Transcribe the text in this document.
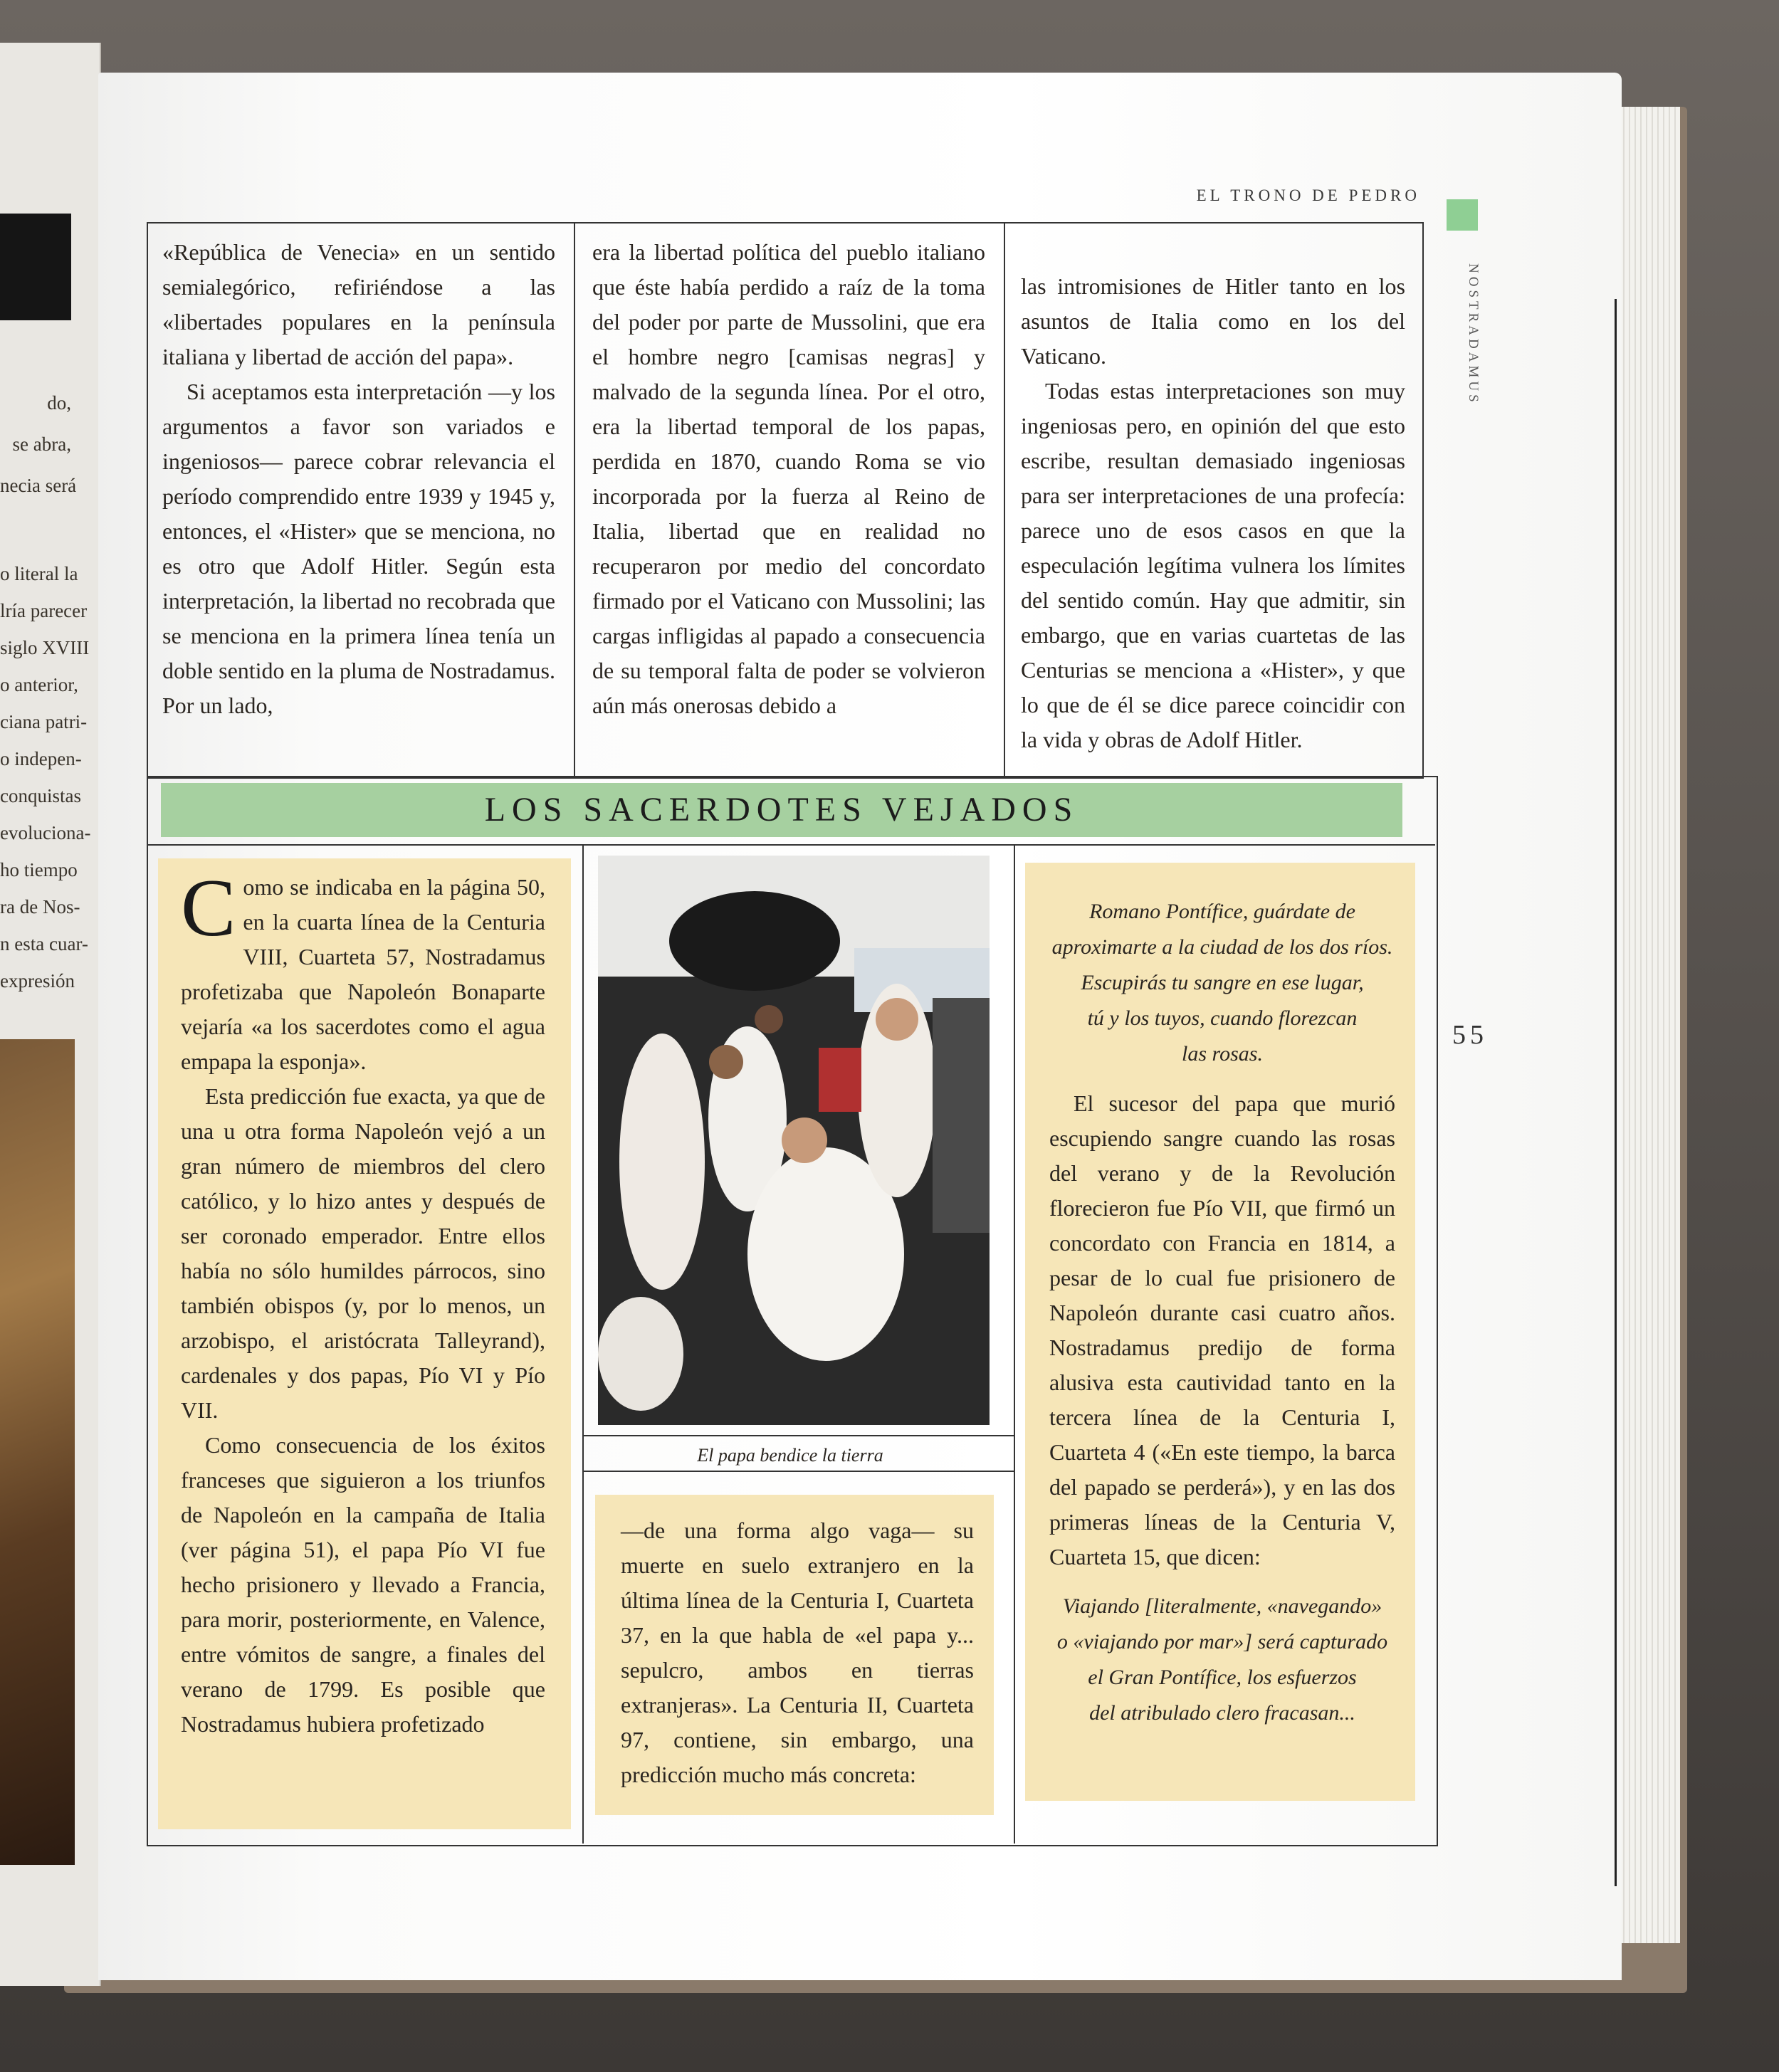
do,
se abra,
necia será
o literal la
lría parecer
siglo XVIII
o anterior,
ciana patri-
o indepen-
conquistas
evoluciona-
ho tiempo
ra de Nos-
n esta cuar-
expresión
EL TRONO DE PEDRO
NOSTRADAMUS
55

«República de Venecia» en un sentido semialegórico, refiriéndose a las «libertades populares en la península italiana y libertad de acción del papa».

Si aceptamos esta interpretación —y los argumentos a favor son variados e ingeniosos— parece cobrar relevancia el período comprendido entre 1939 y 1945 y, entonces, el «Hister» que se menciona, no es otro que Adolf Hitler. Según esta interpretación, la libertad no recobrada que se menciona en la primera línea tenía un doble sentido en la pluma de Nostradamus. Por un lado,

era la libertad política del pueblo italiano que éste había perdido a raíz de la toma del poder por parte de Mussolini, que era el hombre negro [camisas negras] y malvado de la segunda línea. Por el otro, era la libertad temporal de los papas, perdida en 1870, cuando Roma se vio incorporada por la fuerza al Reino de Italia, libertad que en realidad no recuperaron por medio del concordato firmado por el Vaticano con Mussolini; las cargas infligidas al papado a consecuencia de su temporal falta de poder se volvieron aún más onerosas debido a

las intromisiones de Hitler tanto en los asuntos de Italia como en los del Vaticano.

Todas estas interpretaciones son muy ingeniosas pero, en opinión del que esto escribe, resultan demasiado ingeniosas para ser interpretaciones de una profecía: parece uno de esos casos en que la especulación legítima vulnera los límites del sentido común. Hay que admitir, sin embargo, que en varias cuartetas de las Centurias se menciona a «Hister», y que lo que de él se dice parece coincidir con la vida y obras de Adolf Hitler.

LOS SACERDOTES VEJADOS

C omo se indicaba en la página 50, en la cuarta línea de la Centuria VIII, Cuarteta 57, Nostradamus profetizaba que Napoleón Bonaparte vejaría «a los sacerdotes como el agua empapa la esponja».

Esta predicción fue exacta, ya que de una u otra forma Napoleón vejó a un gran número de miembros del clero católico, y lo hizo antes y después de ser coronado emperador. Entre ellos había no sólo humildes párrocos, sino también obispos (y, por lo menos, un arzobispo, el aristócrata Talleyrand), cardenales y dos papas, Pío VI y Pío VII.

Como consecuencia de los éxitos franceses que siguieron a los triunfos de Napoleón en la campaña de Italia (ver página 51), el papa Pío VI fue hecho prisionero y llevado a Francia, para morir, posteriormente, en Valence, entre vómitos de sangre, a finales del verano de 1799. Es posible que Nostradamus hubiera profetizado

El papa bendice la tierra

—de una forma algo vaga— su muerte en suelo extranjero en la última línea de la Centuria I, Cuarteta 37, en la que habla de «el papa y... sepulcro, ambos en tierras extranjeras». La Centuria II, Cuarteta 97, contiene, sin embargo, una predicción mucho más concreta:

Romano Pontífice, guárdate de
aproximarte a la ciudad de los dos ríos.
Escupirás tu sangre en ese lugar,
tú y los tuyos, cuando florezcan
las rosas.

El sucesor del papa que murió escupiendo sangre cuando las rosas del verano y de la Revolución florecieron fue Pío VII, que firmó un concordato con Francia en 1814, a pesar de lo cual fue prisionero de Napoleón durante casi cuatro años. Nostradamus predijo de forma alusiva esta cautividad tanto en la tercera línea de la Centuria I, Cuarteta 4 («En este tiempo, la barca del papado se perderá»), y en las dos primeras líneas de la Centuria V, Cuarteta 15, que dicen:

Viajando [literalmente, «navegando»
o «viajando por mar»] será capturado
el Gran Pontífice, los esfuerzos
del atribulado clero fracasan...
